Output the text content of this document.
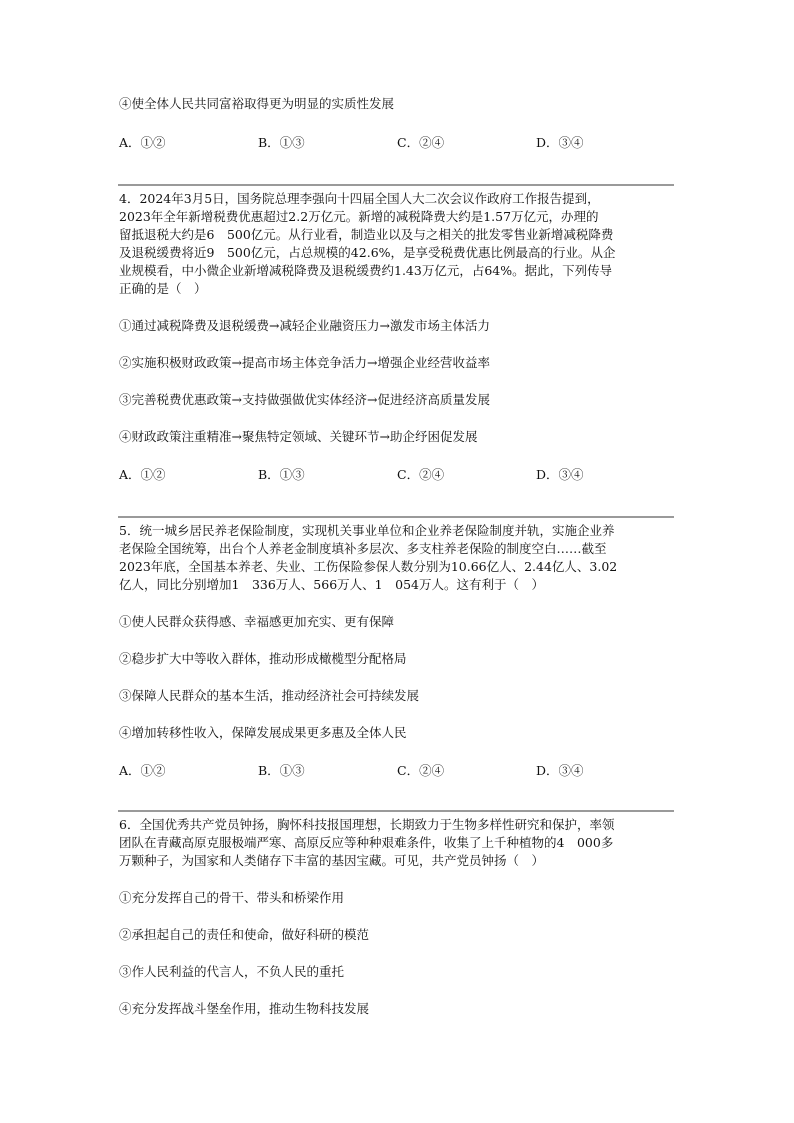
④使全体人民共同富裕取得更为明显的实质性发展
A．①②	B．①③	C．②④	D．③④
4．2024年3月5日，国务院总理李强向十四届全国人大二次会议作政府工作报告提到，
2023年全年新增税费优惠超过2.2万亿元。新增的减税降费大约是1.57万亿元，办理的
留抵退税大约是6　500亿元。从行业看，制造业以及与之相关的批发零售业新增减税降费
及退税缓费将近9　500亿元，占总规模的42.6%，是享受税费优惠比例最高的行业。从企
业规模看，中小微企业新增减税降费及退税缓费约1.43万亿元，占64%。据此，下列传导
正确的是（　）
①通过减税降费及退税缓费→减轻企业融资压力→激发市场主体活力
②实施积极财政政策→提高市场主体竞争活力→增强企业经营收益率
③完善税费优惠政策→支持做强做优实体经济→促进经济高质量发展
④财政政策注重精准→聚焦特定领域、关键环节→助企纾困促发展
A．①②	B．①③	C．②④	D．③④
5．统一城乡居民养老保险制度，实现机关事业单位和企业养老保险制度并轨，实施企业养
老保险全国统筹，出台个人养老金制度填补多层次、多支柱养老保险的制度空白……截至
2023年底，全国基本养老、失业、工伤保险参保人数分别为10.66亿人、2.44亿人、3.02
亿人，同比分别增加1　336万人、566万人、1　054万人。这有利于（　）
①使人民群众获得感、幸福感更加充实、更有保障
②稳步扩大中等收入群体，推动形成橄榄型分配格局
③保障人民群众的基本生活，推动经济社会可持续发展
④增加转移性收入，保障发展成果更多惠及全体人民
A．①②	B．①③	C．②④	D．③④
6．全国优秀共产党员钟扬，胸怀科技报国理想，长期致力于生物多样性研究和保护，率领
团队在青藏高原克服极端严寒、高原反应等种种艰难条件，收集了上千种植物的4　000多
万颗种子，为国家和人类储存下丰富的基因宝藏。可见，共产党员钟扬（　）
①充分发挥自己的骨干、带头和桥梁作用
②承担起自己的责任和使命，做好科研的模范
③作人民利益的代言人，不负人民的重托
④充分发挥战斗堡垒作用，推动生物科技发展
